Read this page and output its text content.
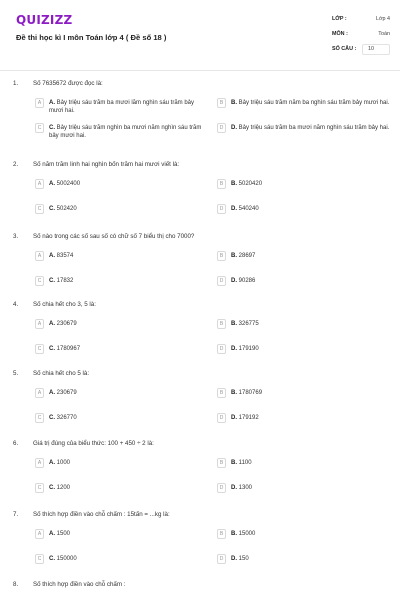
QUIZIZZ
Đề thi học kì I môn Toán lớp 4 ( Đề số 18 )
LỚP :	Lớp 4
MÔN :	Toán
SỐ CÂU : 10
1. Số 7635672 được đọc là:
A	A. Bảy triệu sáu trăm ba mươi lăm nghìn sáu trăm bảy mươi hai.
B	B. Bảy triệu sáu trăm năm ba nghìn sáu trăm bảy mươi hai.
C	C. Bảy triệu sáu trăm nghìn ba mươi năm nghìn sáu trăm bảy mươi hai.
D	D. Bảy triệu sáu trăm ba mươi năm nghìn sáu trăm bảy hai.
2. Số năm trăm linh hai nghìn bốn trăm hai mươi viết là:
A	A. 5002400	B	B. 5020420
C	C. 502420	D	D. 540240
3. Số nào trong các số sau số có chữ số 7 biểu thị cho 7000?
A	A. 83574	B	B. 28697
C	C. 17832	D	D. 90286
4. Số chia hết cho 3, 5 là:
A	A. 230679	B	B. 326775
C	C. 1780967	D	D. 179190
5. Số chia hết cho 5 là:
A	A. 230679	B	B. 1780769
C	C. 326770	D	D. 179192
6. Giá trị đúng của biểu thức: 100 + 450 ÷ 2 là:
A	A. 1000	B	B. 1100
C	C. 1200	D	D. 1300
7. Số thích hợp điền vào chỗ chấm : 15tấn = ...kg là:
A	A. 1500	B	B. 15000
C	C. 150000	D	D. 150
8. Số thích hợp điền vào chỗ chấm :
